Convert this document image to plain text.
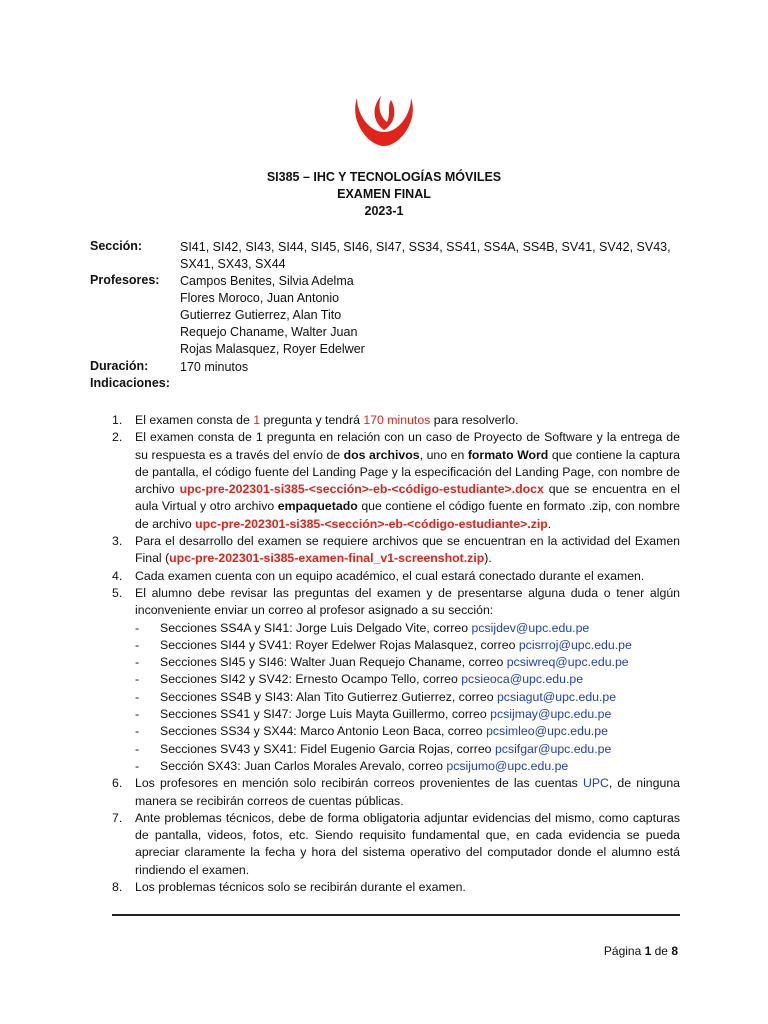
SI385 – IHC Y TECNOLOGÍAS MÓVILES
EXAMEN FINAL
2023-1
Sección:	SI41, SI42, SI43, SI44, SI45, SI46, SI47, SS34, SS41, SS4A, SS4B, SV41, SV42, SV43,
SX41, SX43, SX44
Profesores: Campos Benites, Silvia Adelma
Flores Moroco, Juan Antonio
Gutierrez Gutierrez, Alan Tito
Requejo Chaname, Walter Juan
Rojas Malasquez, Royer Edelwer
Duración:	170 minutos
Indicaciones:
1.	El examen consta de 1 pregunta y tendrá 170 minutos para resolverlo.
2.	El examen consta de 1 pregunta en relación con un caso de Proyecto de Software y la entrega de su respuesta es a través del envío de dos archivos, uno en formato Word que contiene la captura de pantalla, el código fuente del Landing Page y la especificación del Landing Page, con nombre de archivo upc-pre-202301-si385-<sección>-eb-<código-estudiante>.docx que se encuentra en el aula Virtual y otro archivo empaquetado que contiene el código fuente en formato .zip, con nombre de archivo upc-pre-202301-si385-<sección>-eb-<código-estudiante>.zip.
3.	Para el desarrollo del examen se requiere archivos que se encuentran en la actividad del Examen Final (upc-pre-202301-si385-examen-final_v1-screenshot.zip).
4.	Cada examen cuenta con un equipo académico, el cual estará conectado durante el examen.
5.	El alumno debe revisar las preguntas del examen y de presentarse alguna duda o tener algún inconveniente enviar un correo al profesor asignado a su sección:
-	Secciones SS4A y SI41: Jorge Luis Delgado Vite, correo pcsijdev@upc.edu.pe
-	Secciones SI44 y SV41: Royer Edelwer Rojas Malasquez, correo pcisrroj@upc.edu.pe
-	Secciones SI45 y SI46: Walter Juan Requejo Chaname, correo pcsiwreq@upc.edu.pe
-	Secciones SI42 y SV42: Ernesto Ocampo Tello, correo pcsieoca@upc.edu.pe
-	Secciones SS4B y SI43: Alan Tito Gutierrez Gutierrez, correo pcsiagut@upc.edu.pe
-	Secciones SS41 y SI47: Jorge Luis Mayta Guillermo, correo pcsijmay@upc.edu.pe
-	Secciones SS34 y SX44: Marco Antonio Leon Baca, correo pcsimleo@upc.edu.pe
-	Secciones SV43 y SX41: Fidel Eugenio Garcia Rojas, correo pcsifgar@upc.edu.pe
-	Sección SX43: Juan Carlos Morales Arevalo, correo pcsijumo@upc.edu.pe
6.	Los profesores en mención solo recibirán correos provenientes de las cuentas UPC, de ninguna manera se recibirán correos de cuentas públicas.
7.	Ante problemas técnicos, debe de forma obligatoria adjuntar evidencias del mismo, como capturas de pantalla, videos, fotos, etc. Siendo requisito fundamental que, en cada evidencia se pueda apreciar claramente la fecha y hora del sistema operativo del computador donde el alumno está rindiendo el examen.
8.	Los problemas técnicos solo se recibirán durante el examen.
Página 1 de 8
